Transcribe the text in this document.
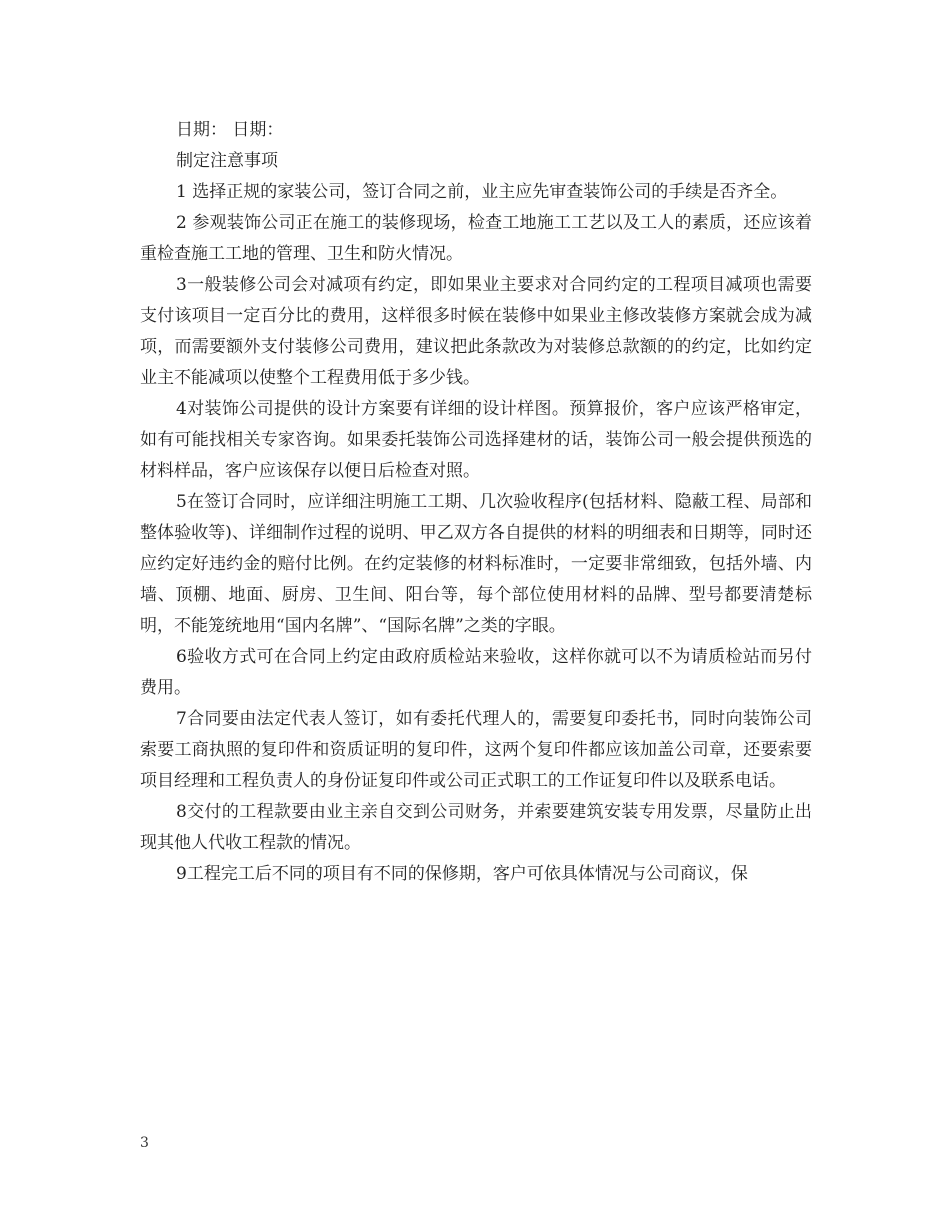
日期： 日期：

制定注意事项

1 选择正规的家装公司，签订合同之前，业主应先审查装饰公司的手续是否齐全。

2 参观装饰公司正在施工的装修现场，检查工地施工工艺以及工人的素质，还应该着重检查施工工地的管理、卫生和防火情况。

3一般装修公司会对减项有约定，即如果业主要求对合同约定的工程项目减项也需要支付该项目一定百分比的费用，这样很多时候在装修中如果业主修改装修方案就会成为减项，而需要额外支付装修公司费用，建议把此条款改为对装修总款额的的约定，比如约定业主不能减项以使整个工程费用低于多少钱。

4对装饰公司提供的设计方案要有详细的设计样图。预算报价，客户应该严格审定，如有可能找相关专家咨询。如果委托装饰公司选择建材的话，装饰公司一般会提供预选的材料样品，客户应该保存以便日后检查对照。

5在签订合同时，应详细注明施工工期、几次验收程序(包括材料、隐蔽工程、局部和整体验收等)、详细制作过程的说明、甲乙双方各自提供的材料的明细表和日期等，同时还应约定好违约金的赔付比例。在约定装修的材料标准时，一定要非常细致，包括外墙、内墙、顶棚、地面、厨房、卫生间、阳台等，每个部位使用材料的品牌、型号都要清楚标明，不能笼统地用“国内名牌”、“国际名牌”之类的字眼。

6验收方式可在合同上约定由政府质检站来验收，这样你就可以不为请质检站而另付费用。

7合同要由法定代表人签订，如有委托代理人的，需要复印委托书，同时向装饰公司索要工商执照的复印件和资质证明的复印件，这两个复印件都应该加盖公司章，还要索要项目经理和工程负责人的身份证复印件或公司正式职工的工作证复印件以及联系电话。

8交付的工程款要由业主亲自交到公司财务，并索要建筑安装专用发票，尽量防止出现其他人代收工程款的情况。

9工程完工后不同的项目有不同的保修期，客户可依具体情况与公司商议，保

3
